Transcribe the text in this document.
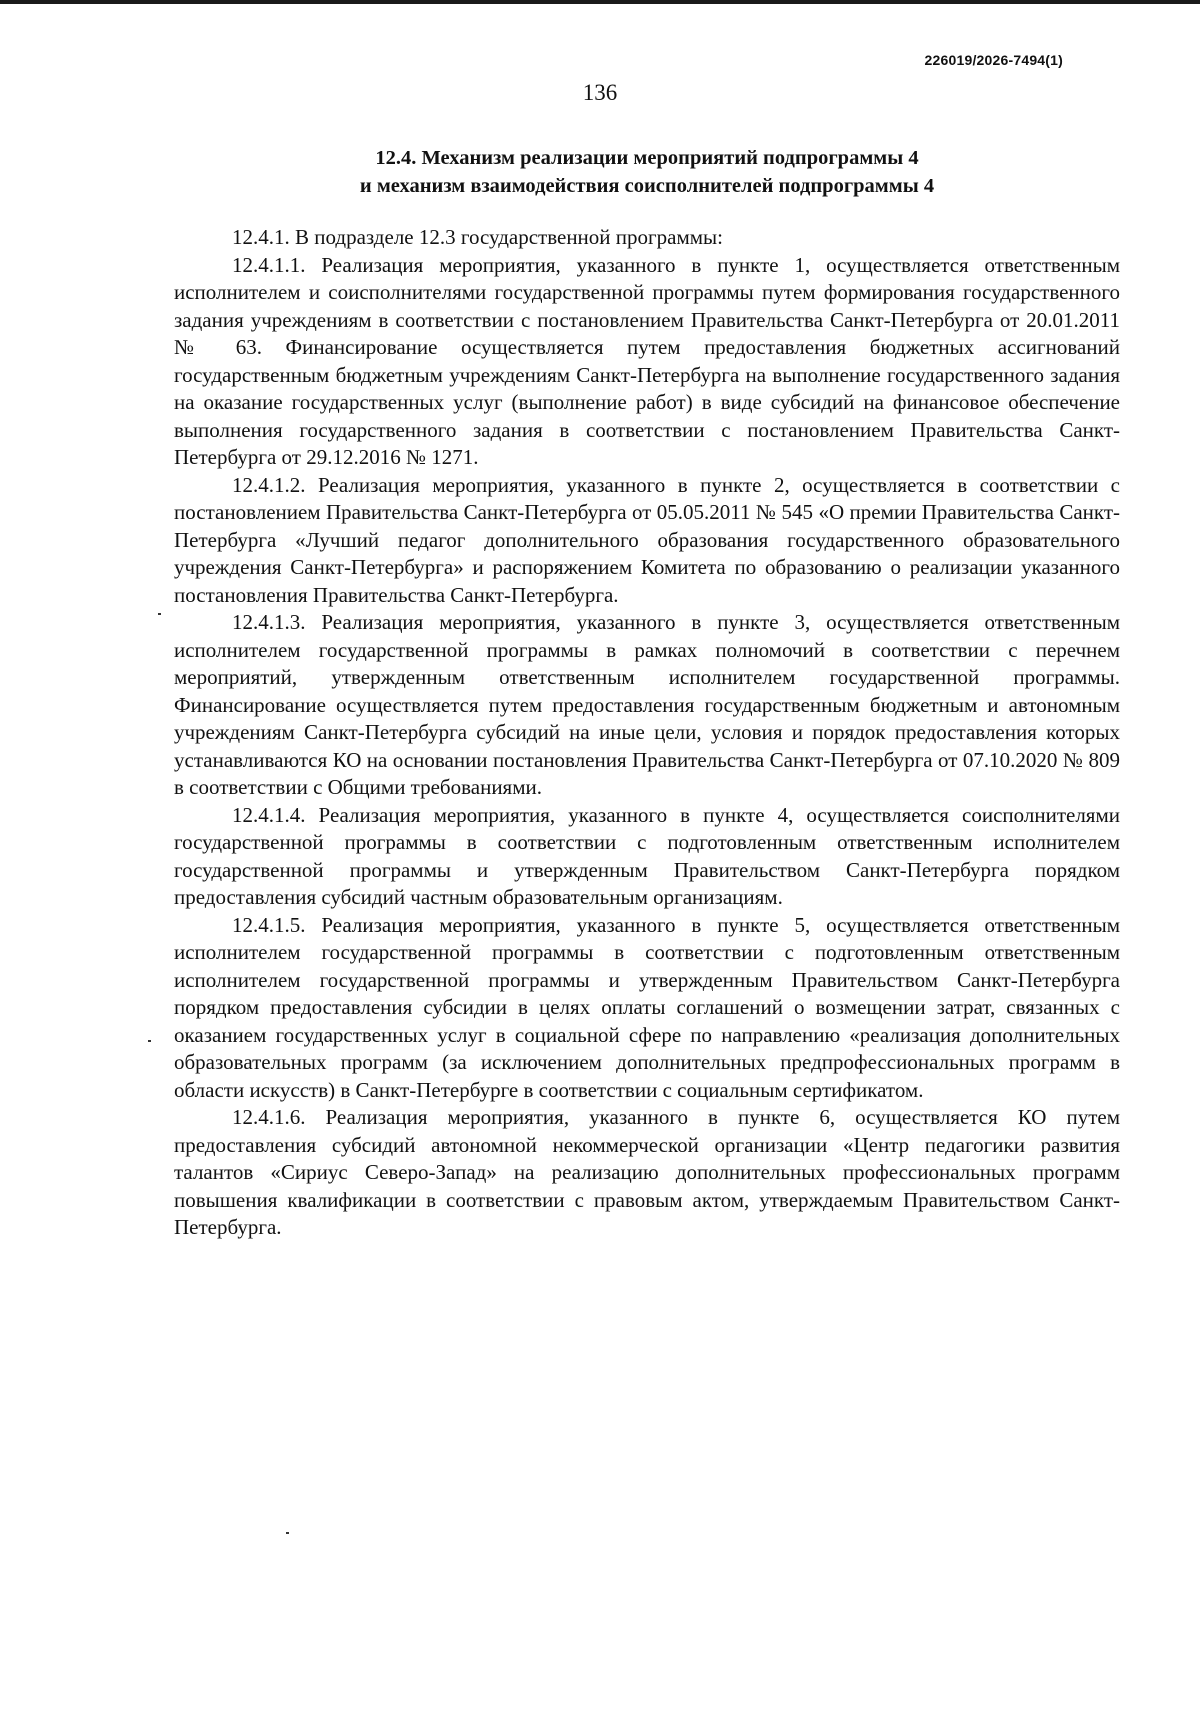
226019/2026-7494(1)
136
12.4. Механизм реализации мероприятий подпрограммы 4
и механизм взаимодействия соисполнителей подпрограммы 4

12.4.1. В подразделе 12.3 государственной программы:

12.4.1.1. Реализация мероприятия, указанного в пункте 1, осуществляется ответственным исполнителем и соисполнителями государственной программы путем формирования государственного задания учреждениям в соответствии с постановлением Правительства Санкт-Петербурга от 20.01.2011 № 63. Финансирование осуществляется путем предоставления бюджетных ассигнований государственным бюджетным учреждениям Санкт-Петербурга на выполнение государственного задания на оказание государственных услуг (выполнение работ) в виде субсидий на финансовое обеспечение выполнения государственного задания в соответствии с постановлением Правительства Санкт-Петербурга от 29.12.2016 № 1271.

12.4.1.2. Реализация мероприятия, указанного в пункте 2, осуществляется в соответствии с постановлением Правительства Санкт-Петербурга от 05.05.2011 № 545 «О премии Правительства Санкт-Петербурга «Лучший педагог дополнительного образования государственного образовательного учреждения Санкт-Петербурга» и распоряжением Комитета по образованию о реализации указанного постановления Правительства Санкт-Петербурга.

12.4.1.3. Реализация мероприятия, указанного в пункте 3, осуществляется ответственным исполнителем государственной программы в рамках полномочий в соответствии с перечнем мероприятий, утвержденным ответственным исполнителем государственной программы. Финансирование осуществляется путем предоставления государственным бюджетным и автономным учреждениям Санкт-Петербурга субсидий на иные цели, условия и порядок предоставления которых устанавливаются КО на основании постановления Правительства Санкт-Петербурга от 07.10.2020 № 809 в соответствии с Общими требованиями.

12.4.1.4. Реализация мероприятия, указанного в пункте 4, осуществляется соисполнителями государственной программы в соответствии с подготовленным ответственным исполнителем государственной программы и утвержденным Правительством Санкт-Петербурга порядком предоставления субсидий частным образовательным организациям.

12.4.1.5. Реализация мероприятия, указанного в пункте 5, осуществляется ответственным исполнителем государственной программы в соответствии с подготовленным ответственным исполнителем государственной программы и утвержденным Правительством Санкт-Петербурга порядком предоставления субсидии в целях оплаты соглашений о возмещении затрат, связанных с оказанием государственных услуг в социальной сфере по направлению «реализация дополнительных образовательных программ (за исключением дополнительных предпрофессиональных программ в области искусств) в Санкт-Петербурге в соответствии с социальным сертификатом.

12.4.1.6. Реализация мероприятия, указанного в пункте 6, осуществляется КО путем предоставления субсидий автономной некоммерческой организации «Центр педагогики развития талантов «Сириус Северо-Запад» на реализацию дополнительных профессиональных программ повышения квалификации в соответствии с правовым актом, утверждаемым Правительством Санкт-Петербурга.
